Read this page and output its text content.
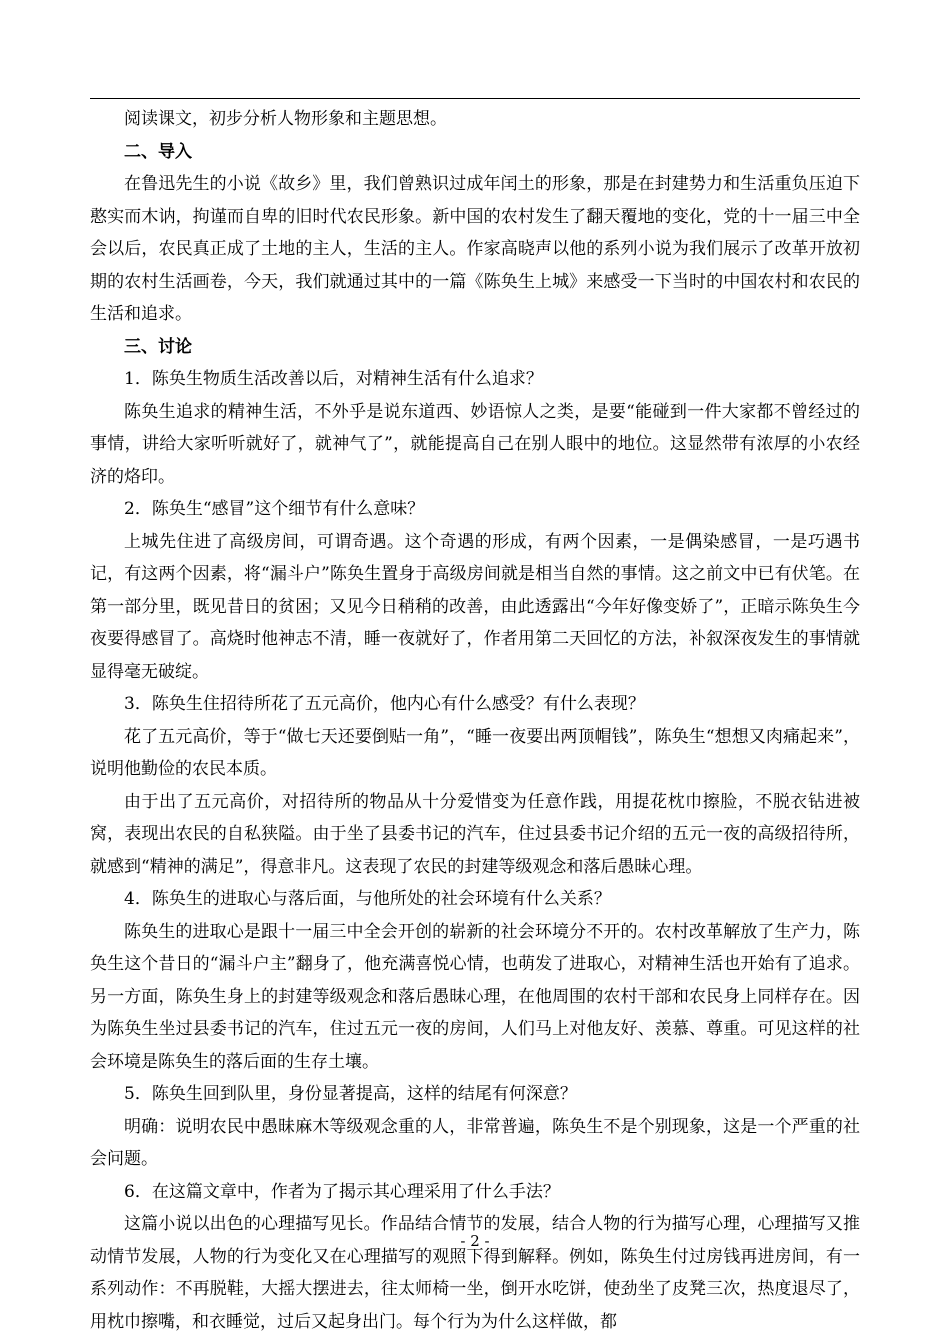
阅读课文，初步分析人物形象和主题思想。

二、导入

在鲁迅先生的小说《故乡》里，我们曾熟识过成年闰土的形象，那是在封建势力和生活重负压迫下憨实而木讷，拘谨而自卑的旧时代农民形象。新中国的农村发生了翻天覆地的变化，党的十一届三中全会以后，农民真正成了土地的主人，生活的主人。作家高晓声以他的系列小说为我们展示了改革开放初期的农村生活画卷，今天，我们就通过其中的一篇《陈奂生上城》来感受一下当时的中国农村和农民的生活和追求。

三、讨论

1．陈奂生物质生活改善以后，对精神生活有什么追求？

陈奂生追求的精神生活，不外乎是说东道西、妙语惊人之类，是要“能碰到一件大家都不曾经过的事情，讲给大家听听就好了，就神气了”，就能提高自己在别人眼中的地位。这显然带有浓厚的小农经济的烙印。

2．陈奂生“感冒”这个细节有什么意味？

上城先住进了高级房间，可谓奇遇。这个奇遇的形成，有两个因素，一是偶染感冒，一是巧遇书记，有这两个因素，将“漏斗户”陈奂生置身于高级房间就是相当自然的事情。这之前文中已有伏笔。在第一部分里，既见昔日的贫困；又见今日稍稍的改善，由此透露出“今年好像变娇了”，正暗示陈奂生今夜要得感冒了。高烧时他神志不清，睡一夜就好了，作者用第二天回忆的方法，补叙深夜发生的事情就显得毫无破绽。

3．陈奂生住招待所花了五元高价，他内心有什么感受？有什么表现？

花了五元高价，等于“做七天还要倒贴一角”，“睡一夜要出两顶帽钱”，陈奂生“想想又肉痛起来”，说明他勤俭的农民本质。

由于出了五元高价，对招待所的物品从十分爱惜变为任意作践，用提花枕巾擦脸，不脱衣钻进被窝，表现出农民的自私狭隘。由于坐了县委书记的汽车，住过县委书记介绍的五元一夜的高级招待所，就感到“精神的满足”，得意非凡。这表现了农民的封建等级观念和落后愚昧心理。

4．陈奂生的进取心与落后面，与他所处的社会环境有什么关系？

陈奂生的进取心是跟十一届三中全会开创的崭新的社会环境分不开的。农村改革解放了生产力，陈奂生这个昔日的“漏斗户主”翻身了，他充满喜悦心情，也萌发了进取心，对精神生活也开始有了追求。另一方面，陈奂生身上的封建等级观念和落后愚昧心理，在他周围的农村干部和农民身上同样存在。因为陈奂生坐过县委书记的汽车，住过五元一夜的房间，人们马上对他友好、羡慕、尊重。可见这样的社会环境是陈奂生的落后面的生存土壤。

5．陈奂生回到队里，身份显著提高，这样的结尾有何深意？

明确：说明农民中愚昧麻木等级观念重的人，非常普遍，陈奂生不是个别现象，这是一个严重的社会问题。

6．在这篇文章中，作者为了揭示其心理采用了什么手法？

这篇小说以出色的心理描写见长。作品结合情节的发展，结合人物的行为描写心理，心理描写又推动情节发展，人物的行为变化又在心理描写的观照下得到解释。例如，陈奂生付过房钱再进房间，有一系列动作：不再脱鞋，大摇大摆进去，往太师椅一坐，倒开水吃饼，使劲坐了皮凳三次，热度退尽了，用枕巾擦嘴，和衣睡觉，过后又起身出门。每个行为为什么这样做，都

- 2 -
